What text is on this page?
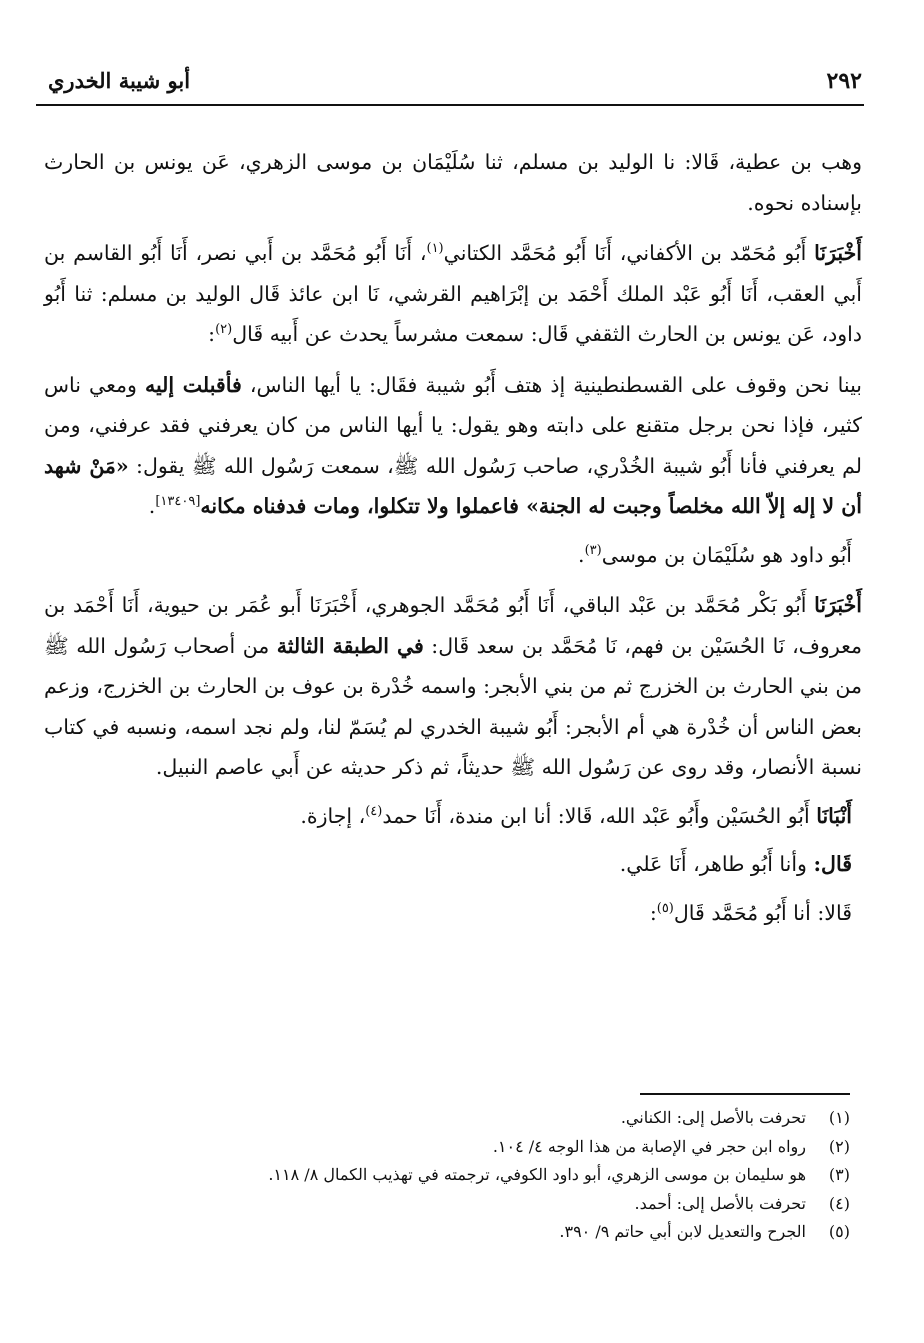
٢٩٢
أبو شيبة الخدري

وهب بن عطية، قَالا: نا الوليد بن مسلم، ثنا سُلَيْمَان بن موسى الزهري، عَن يونس بن الحارث بإسناده نحوه.

أَخْبَرَنَا أَبُو مُحَمّد بن الأكفاني، أَنَا أَبُو مُحَمَّد الكتاني$^{(١)}$، أَنَا أَبُو مُحَمَّد بن أَبي نصر، أَنَا أَبُو القاسم بن أَبي العقب، أَنَا أَبُو عَبْد الملك أَحْمَد بن إبْرَاهيم القرشي، نَا ابن عائذ قَال الوليد بن مسلم: ثنا أَبُو داود، عَن يونس بن الحارث الثقفي قَال: سمعت مشرساً يحدث عن أَبيه قَال$^{(٢)}$:

بينا نحن وقوف على القسطنطينية إذ هتف أَبُو شيبة فقَال: يا أيها الناس، فأقبلت إليه ومعي ناس كثير، فإذا نحن برجل متقنع على دابته وهو يقول: يا أيها الناس من كان يعرفني فقد عرفني، ومن لم يعرفني فأنا أَبُو شيبة الخُدْري، صاحب رَسُول الله ﷺ، سمعت رَسُول الله ﷺ يقول: «مَنْ شهد أن لا إله إلاّ الله مخلصاً وجبت له الجنة» فاعملوا ولا تتكلوا، ومات فدفناه مكانه[١٣٤٠٩].

أَبُو داود هو سُلَيْمَان بن موسى$^{(٣)}$.

أَخْبَرَنَا أَبُو بَكْر مُحَمَّد بن عَبْد الباقي، أَنَا أَبُو مُحَمَّد الجوهري، أَخْبَرَنَا أَبو عُمَر بن حيوية، أَنَا أَحْمَد بن معروف، نَا الحُسَيْن بن فهم، نَا مُحَمَّد بن سعد قَال: في الطبقة الثالثة من أصحاب رَسُول الله ﷺ من بني الحارث بن الخزرج ثم من بني الأبجر: واسمه خُدْرة بن عوف بن الحارث بن الخزرج، وزعم بعض الناس أن خُدْرة هي أم الأبجر: أَبُو شيبة الخدري لم يُسَمّ لنا، ولم نجد اسمه، ونسبه في كتاب نسبة الأنصار، وقد روى عن رَسُول الله ﷺ حديثاً، ثم ذكر حديثه عن أَبي عاصم النبيل.

أَنْبَانَا أَبُو الحُسَيْن وأَبُو عَبْد الله، قَالا: أنا ابن مندة، أَنَا حمد$^{(٤)}$، إجازة.

قَال: وأنا أَبُو طاهر، أَنَا عَلي.

قَالا: أنا أَبُو مُحَمَّد قَال$^{(٥)}$:

(١)
تحرفت بالأصل إلى: الكناني.
(٢)
رواه ابن حجر في الإصابة من هذا الوجه ٤/ ١٠٤.
(٣)
هو سليمان بن موسى الزهري، أبو داود الكوفي، ترجمته في تهذيب الكمال ٨/ ١١٨.
(٤)
تحرفت بالأصل إلى: أحمد.
(٥)
الجرح والتعديل لابن أبي حاتم ٩/ ٣٩٠.
